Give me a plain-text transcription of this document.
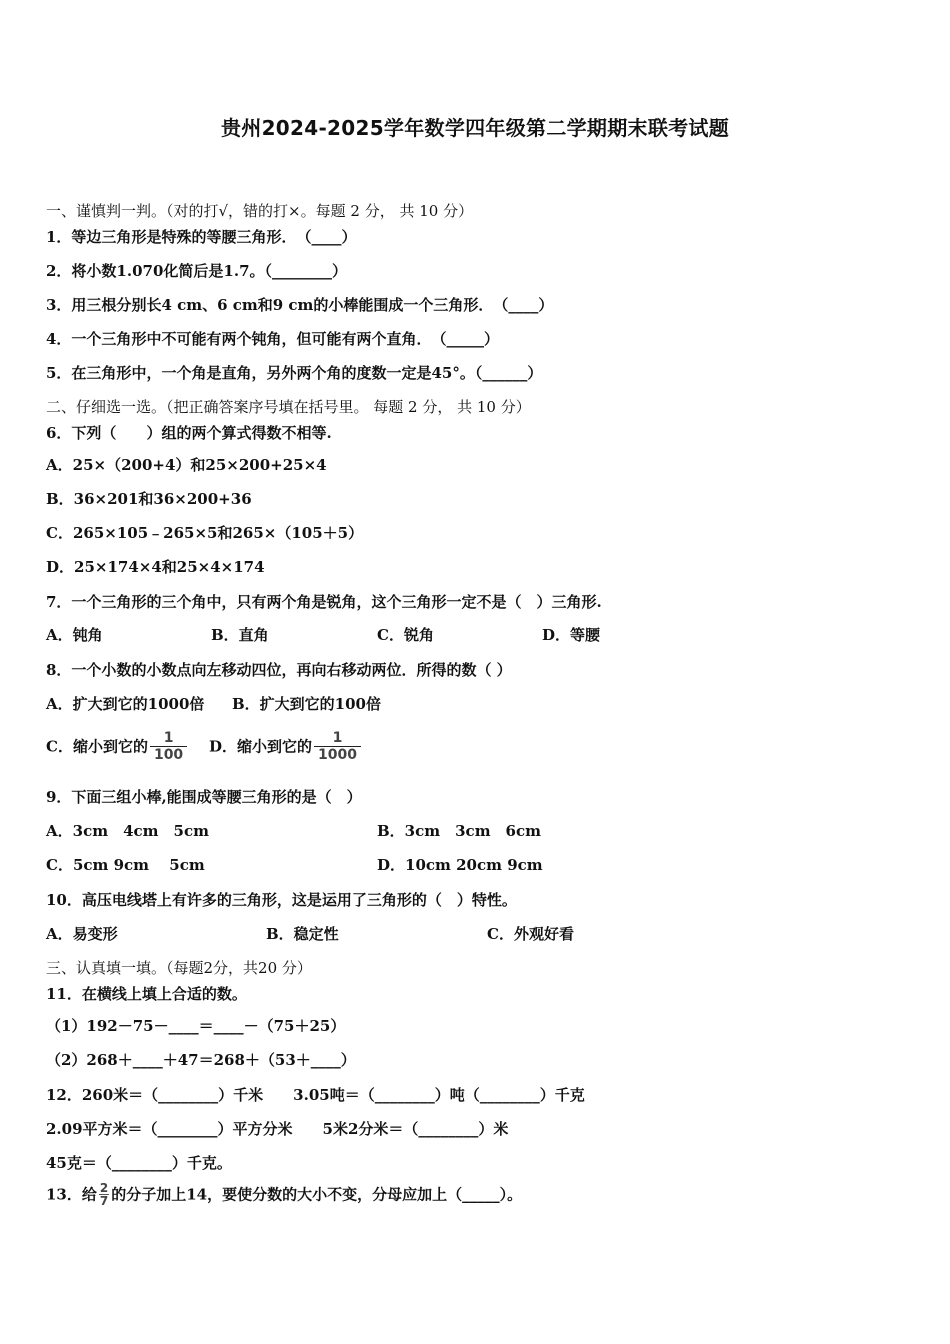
贵州2024-2025学年数学四年级第二学期期末联考试题
一、谨慎判一判。（对的打√，错的打×。每题 2 分， 共 10 分）
1．等边三角形是特殊的等腰三角形．　（____）
2．将小数1.070化简后是1.7。（________）
3．用三根分别长4 cm、6 cm和9 cm的小棒能围成一个三角形．　（____）
4．一个三角形中不可能有两个钝角，但可能有两个直角．　（_____）
5．在三角形中，一个角是直角，另外两个角的度数一定是45°。（______）
二、仔细选一选。（把正确答案序号填在括号里。 每题 2 分， 共 10 分）
6．下列（　　）组的两个算式得数不相等.
A．25×（200+4）和25×200+25×4
B．36×201和36×200+36
C．265×105﹣265×5和265×（105＋5）
D．25×174×4和25×4×174
7．一个三角形的三个角中，只有两个角是锐角，这个三角形一定不是（　）三角形.
A．钝角	B．直角	C．锐角	D．等腰
8．一个小数的小数点向左移动四位，再向右移动两位．所得的数（ ）
A．扩大到它的1000倍 B．扩大到它的100倍
C．缩小到它的 $\frac{1}{100}$ D．缩小到它的 $\frac{1}{1000}$
9．下面三组小棒,能围成等腰三角形的是（　）
A．3cm　4cm　5cm	B．3cm　3cm　6cm
C．5cm 9cm　 5cm	D．10cm 20cm 9cm
10．高压电线塔上有许多的三角形，这是运用了三角形的（　）特性。
A．易变形	B．稳定性	C．外观好看
三、认真填一填。（每题2分，共20 分）
11．在横线上填上合适的数。
（1）192－75－____＝____－（75＋25）
（2）268＋____＋47＝268＋（53＋____）
12．260米＝（________）千米　　3.05吨＝（________）吨（________）千克
2.09平方米＝（________）平方分米　　5米2分米＝（________）米
45克＝（________）千克。
13．给 $\frac{2}{7}$ 的分子加上14，要使分数的大小不变，分母应加上（_____）。
